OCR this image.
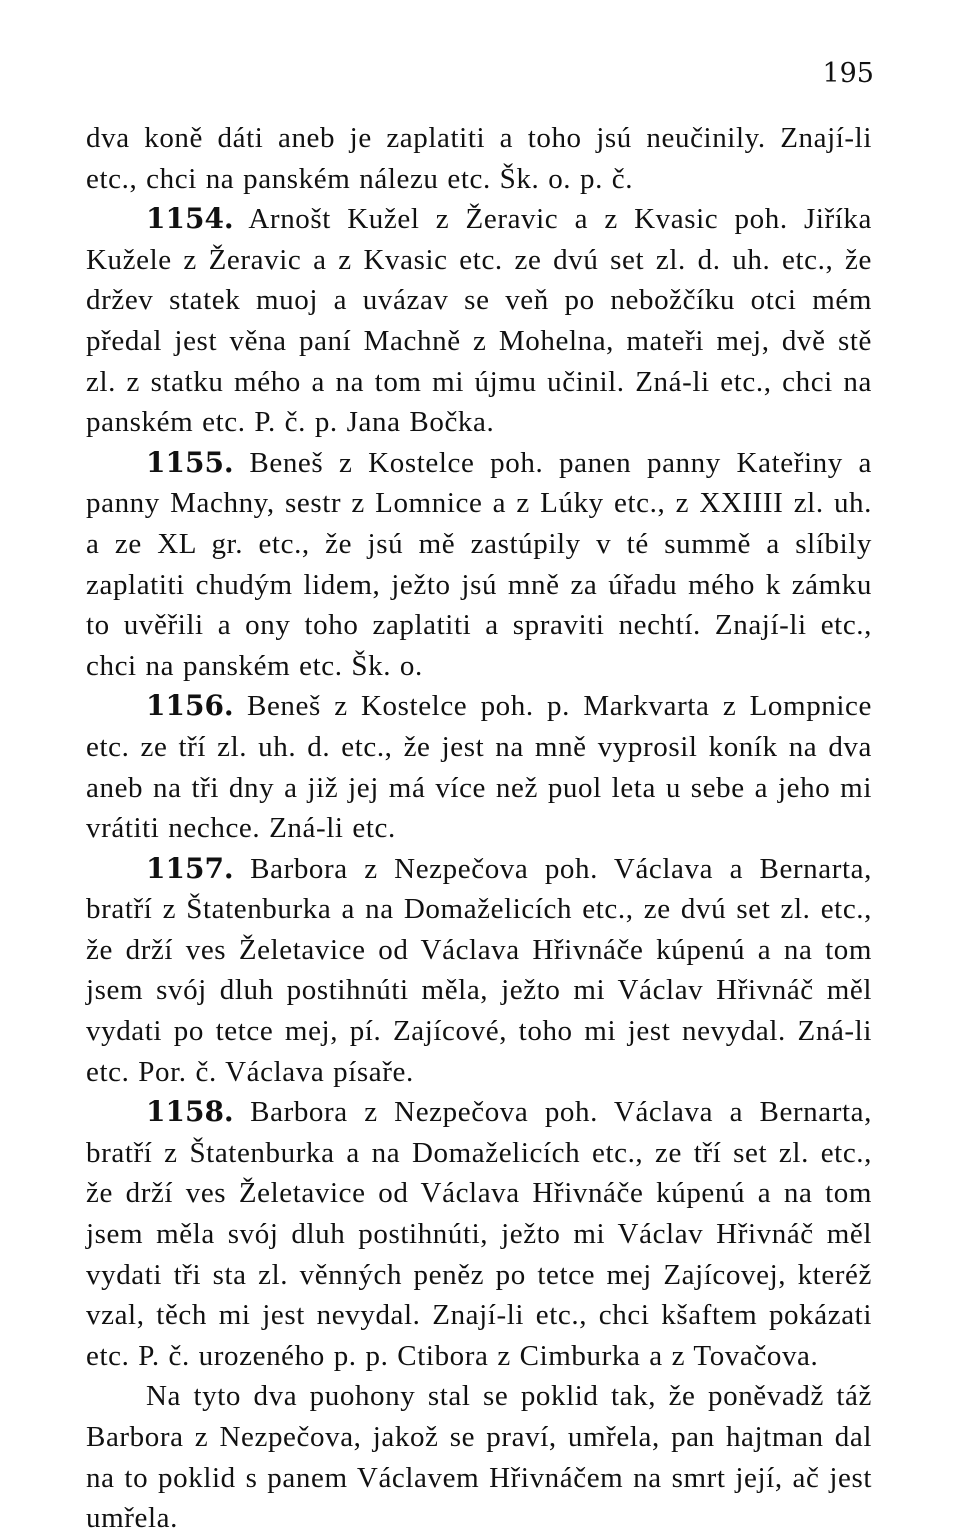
195

dva koně dáti aneb je zaplatiti a toho jsú neučinily. Znají-li etc., chci na panském nálezu etc. Šk. o. p. č.

1154. Arnošt Kužel z Žeravic a z Kvasic poh. Jiříka Kužele z Žeravic a z Kvasic etc. ze dvú set zl. d. uh. etc., že držev statek muoj a uvázav se veň po nebožčíku otci mém předal jest věna paní Machně z Mohelna, mateři mej, dvě stě zl. z statku mého a na tom mi újmu učinil. Zná-li etc., chci na panském etc. P. č. p. Jana Bočka.

1155. Beneš z Kostelce poh. panen panny Kateřiny a panny Machny, sestr z Lomnice a z Lúky etc., z XXIIII zl. uh. a ze XL gr. etc., že jsú mě zastúpily v té summě a slíbily zaplatiti chudým lidem, ježto jsú mně za úřadu mého k zámku to uvěřili a ony toho zaplatiti a spraviti nechtí. Znají-li etc., chci na panském etc. Šk. o.

1156. Beneš z Kostelce poh. p. Markvarta z Lompnice etc. ze tří zl. uh. d. etc., že jest na mně vyprosil koník na dva aneb na tři dny a již jej má více než puol leta u sebe a jeho mi vrátiti nechce. Zná-li etc.

1157. Barbora z Nezpečova poh. Václava a Bernarta, bratří z Štatenburka a na Domaželicích etc., ze dvú set zl. etc., že drží ves Želetavice od Václava Hřivnáče kúpenú a na tom jsem svój dluh postihnúti měla, ježto mi Václav Hřivnáč měl vydati po tetce mej, pí. Zajícové, toho mi jest nevydal. Zná-li etc. Por. č. Václava písaře.

1158. Barbora z Nezpečova poh. Václava a Bernarta, bratří z Štatenburka a na Domaželicích etc., ze tří set zl. etc., že drží ves Želetavice od Václava Hřivnáče kúpenú a na tom jsem měla svój dluh postihnúti, ježto mi Václav Hřivnáč měl vydati tři sta zl. věnných peněz po tetce mej Zajícovej, kteréž vzal, těch mi jest nevydal. Znají-li etc., chci kšaftem pokázati etc. P. č. urozeného p. p. Ctibora z Cimburka a z Tovačova.

Na tyto dva puohony stal se poklid tak, že poněvadž táž Barbora z Nezpečova, jakož se praví, umřela, pan hajtman dal na to poklid s panem Václavem Hřivnáčem na smrt její, ač jest umřela.
